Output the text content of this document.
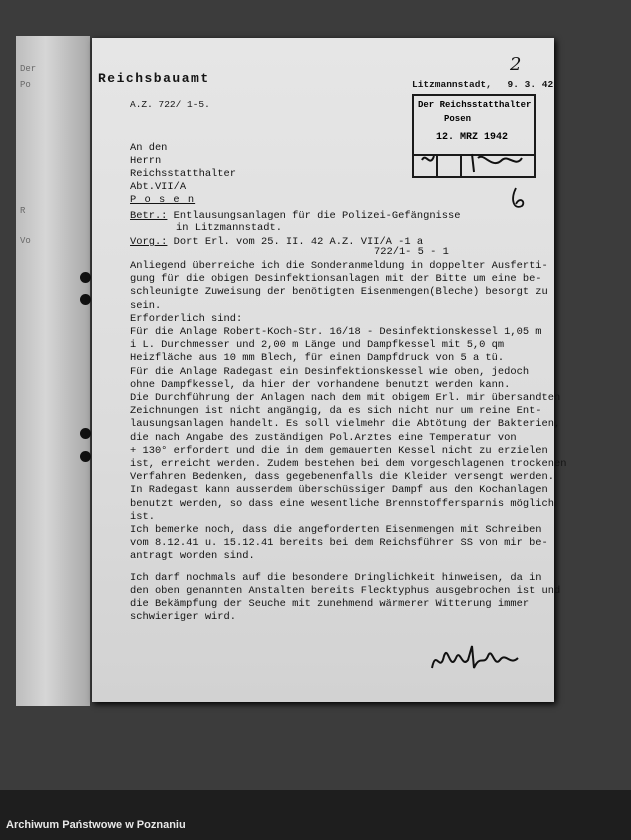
Der
Po
R
Vo
Reichsbauamt
A.Z. 722/ 1-5.
Litzmannstadt, 9. 3. 42
2
Der Reichsstatthalter
Posen
12. MRZ 1942
An den
Herrn
Reichsstatthalter
Abt.VII/A
P o s e n
Betr.: Entlausungsanlagen für die Polizei-Gefängnisse
in Litzmannstadt.
Vorg.: Dort Erl. vom 25. II. 42 A.Z. VII/A -1 a
722/1- 5 - 1
Anliegend überreiche ich die Sonderanmeldung in doppelter Ausferti-
gung für die obigen Desinfektionsanlagen mit der Bitte um eine be-
schleunigte Zuweisung der benötigten Eisenmengen(Bleche) besorgt zu
sein.
Erforderlich sind:
Für die Anlage Robert-Koch-Str. 16/18 - Desinfektionskessel 1,05 m
i L. Durchmesser und 2,00 m Länge und Dampfkessel mit 5,0 qm
Heizfläche aus 10 mm Blech, für einen Dampfdruck von 5 a tü.
Für die Anlage Radegast ein Desinfektionskessel wie oben, jedoch
ohne Dampfkessel, da hier der vorhandene benutzt werden kann.
Die Durchführung der Anlagen nach dem mit obigem Erl. mir übersandten
Zeichnungen ist nicht angängig, da es sich nicht nur um reine Ent-
lausungsanlagen handelt. Es soll vielmehr die Abtötung der Bakterien,
die nach Angabe des zuständigen Pol.Arztes eine Temperatur von
+ 130° erfordert und die in dem gemauerten Kessel nicht zu erzielen
ist, erreicht werden. Zudem bestehen bei dem vorgeschlagenen trockenen
Verfahren Bedenken, dass gegebenenfalls die Kleider versengt werden.
In Radegast kann ausserdem überschüssiger Dampf aus den Kochanlagen
benutzt werden, so dass eine wesentliche Brennstoffersparnis möglich
ist.
Ich bemerke noch, dass die angeforderten Eisenmengen mit Schreiben
vom 8.12.41 u. 15.12.41 bereits bei dem Reichsführer SS von mir be-
antragt worden sind.
Ich darf nochmals auf die besondere Dringlichkeit hinweisen, da in
den oben genannten Anstalten bereits Flecktyphus ausgebrochen ist und
die Bekämpfung der Seuche mit zunehmend wärmerer Witterung immer
schwieriger wird.
Archiwum Państwowe w Poznaniu
